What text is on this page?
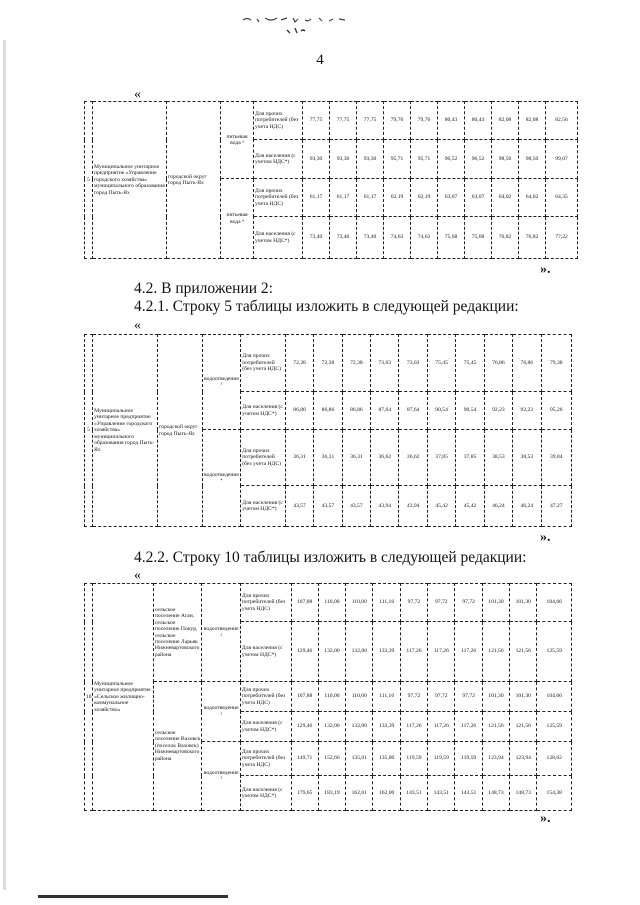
4
«
5	Муниципальное унитарное предприятие «Управление городского хозяйства» муниципального образования город Пыть-Ях	городской округ город Пыть-Ях	питьевая вода ³	Для прочих потребителей (без учета НДС)	77,75	77,75	77,75	79,76	79,76	80,43	80,43	82,08	82,08	82,56
				Для населения (с учетом НДС*)	93,30	93,30	93,30	95,71	95,71	96,52	96,52	98,50	98,50	99,07
			питьевая вода ⁴	Для прочих потребителей (без учета НДС)	61,17	61,17	61,17	62,19	62,19	63,07	63,07	64,02	64,02	64,35
				Для населения (с учетом НДС*)	73,40	73,40	73,40	74,63	74,63	75,68	75,68	76,82	76,82	77,22
».
4.2. В приложении 2:
4.2.1. Строку 5 таблицы изложить в следующей редакции:
«
5	Муниципальное унитарное предприятие «Управление городского хозяйства» муниципального образования город Пыть-Ях	городской округ город Пыть-Ях	водоотведение ³	Для прочих потребителей (без учета НДС)	72,38	72,38	72,38	73,03	73,03	75,45	75,45	76,86	76,86	79,38
				Для населения (с учетом НДС*)	86,86	86,86	86,86	87,64	87,64	90,54	90,54	92,23	92,23	95,26
			водоотведение ⁴	Для прочих потребителей (без учета НДС)	36,31	36,31	36,31	36,62	36,62	37,85	37,85	38,53	38,53	39,84
				Для населения (с учетом НДС*)	43,57	43,57	43,57	43,94	43,94	45,42	45,42	46,24	46,24	47,27
».
4.2.2. Строку 10 таблицы изложить в следующей редакции:
«
10	Муниципальное унитарное предприятие «Сельское жилищно-коммунальное хозяйство»	сельское поселение Аган, сельское поселение Покур, сельское поселение Ларьяк Нижневартовского района	водоотведение ²	Для прочих потребителей (без учета НДС)	107,88	110,00	110,00	111,16	97,72	97,72	97,72	101,30	101,30	104,66
				Для населения (с учетом НДС*)	129,46	132,00	132,00	133,39	117,26	117,26	117,26	121,56	121,56	125,59
		сельское поселение Ваховск (поселок Ваховск) Нижневартовского района	водоотведение ²	Для прочих потребителей (без учета НДС)	107,88	110,00	110,00	111,16	97,72	97,72	97,72	101,30	101,30	104,66
				Для населения (с учетом НДС*)	129,46	132,00	132,00	133,39	117,26	117,26	117,26	121,56	121,56	125,59
			водоотведение ³	Для прочих потребителей (без учета НДС)	149,71	152,66	135,01	135,00	119,59	119,59	119,59	123,94	123,94	128,62
				Для населения (с учетом НДС*)	179,65	183,19	162,01	162,00	143,51	143,51	143,51	148,73	148,73	154,38
».
